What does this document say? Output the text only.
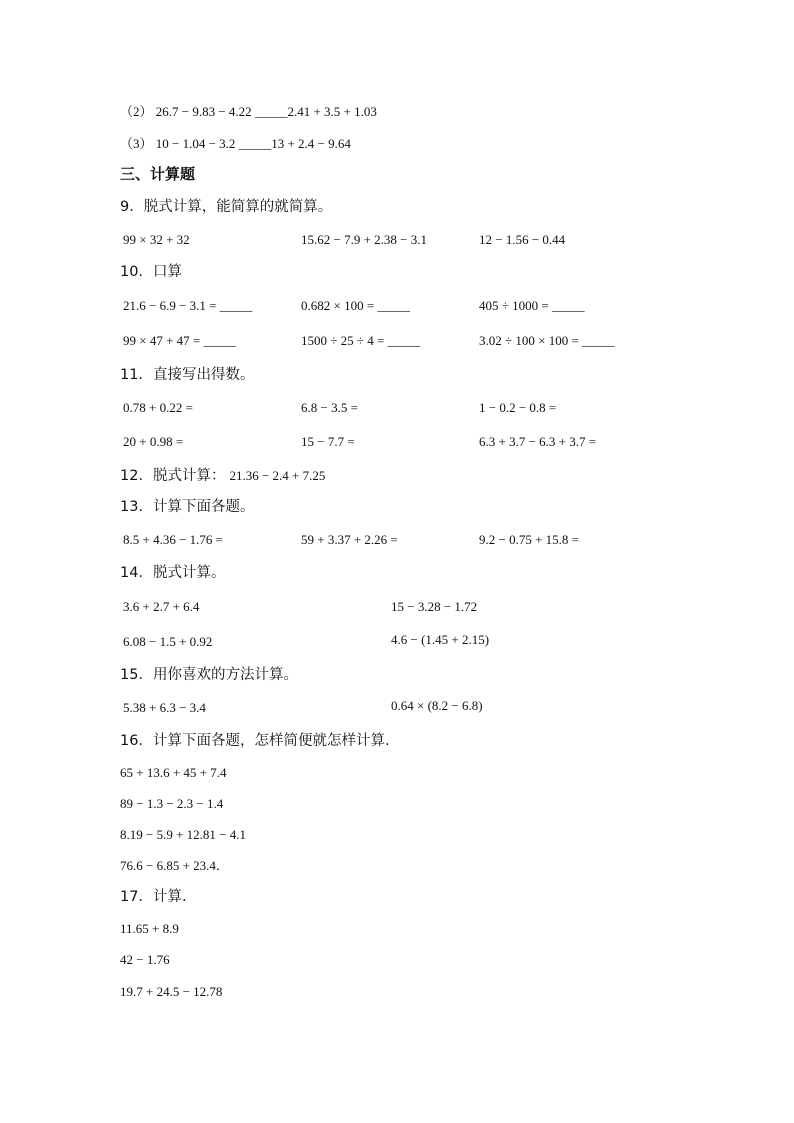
（2） 26.7 − 9.83 − 4.22 _____2.41 + 3.5 + 1.03
（3） 10 − 1.04 − 3.2 _____13 + 2.4 − 9.64
三、计算题
9．脱式计算，能简算的就简算。
99 × 32 + 32	15.62 − 7.9 + 2.38 − 3.1	12 − 1.56 − 0.44
10．口算
21.6 − 6.9 − 3.1 = _____	0.682 × 100 = _____	405 ÷ 1000 = _____
99 × 47 + 47 = _____	1500 ÷ 25 ÷ 4 = _____	3.02 ÷ 100 × 100 = _____
11．直接写出得数。
0.78 + 0.22 =	6.8 − 3.5 =	1 − 0.2 − 0.8 =
20 + 0.98 =	15 − 7.7 =	6.3 + 3.7 − 6.3 + 3.7 =
12．脱式计算： 21.36 − 2.4 + 7.25
13．计算下面各题。
8.5 + 4.36 − 1.76 =	59 + 3.37 + 2.26 =	9.2 − 0.75 + 15.8 =
14．脱式计算。
3.6 + 2.7 + 6.4	15 − 3.28 − 1.72
6.08 − 1.5 + 0.92	4.6 − (1.45 + 2.15)
15．用你喜欢的方法计算。
5.38 + 6.3 − 3.4	0.64 × (8.2 − 6.8)
16．计算下面各题，怎样简便就怎样计算.
65 + 13.6 + 45 + 7.4
89 − 1.3 − 2.3 − 1.4
8.19 − 5.9 + 12.81 − 4.1
76.6 − 6.85 + 23.4．
17．计算.
11.65 + 8.9
42 − 1.76
19.7 + 24.5 − 12.78
